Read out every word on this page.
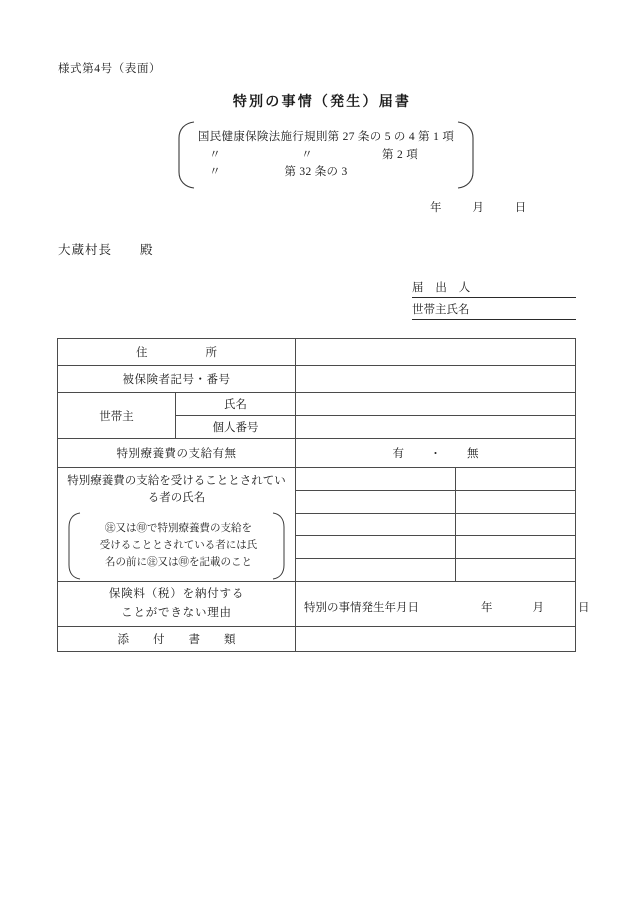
様式第4号（表面）
特別の事情（発生）届書
国民健康保険法施行規則第 27 条の 5 の 4 第 1 項
〃	〃	第 2 項
〃	第 32 条の 3
年	月	日
大蔵村長 殿
届 出 人
世帯主氏名
住 所			

被保険者記号・番号			
世帯主	氏名		
	個人番号		
特別療養費の支給有無		有 ・ 無	

特別療養費の支給を受けることとされてい
る者の氏名
㊟又は㊞で特別療養費の支給を
受けることとされている者には氏
名の前に㊟又は㊞を記載のこと			

保険料（税）を納付する
ことができない理由		特別の事情発生年月日 年 月 日	

添 付 書 類			
